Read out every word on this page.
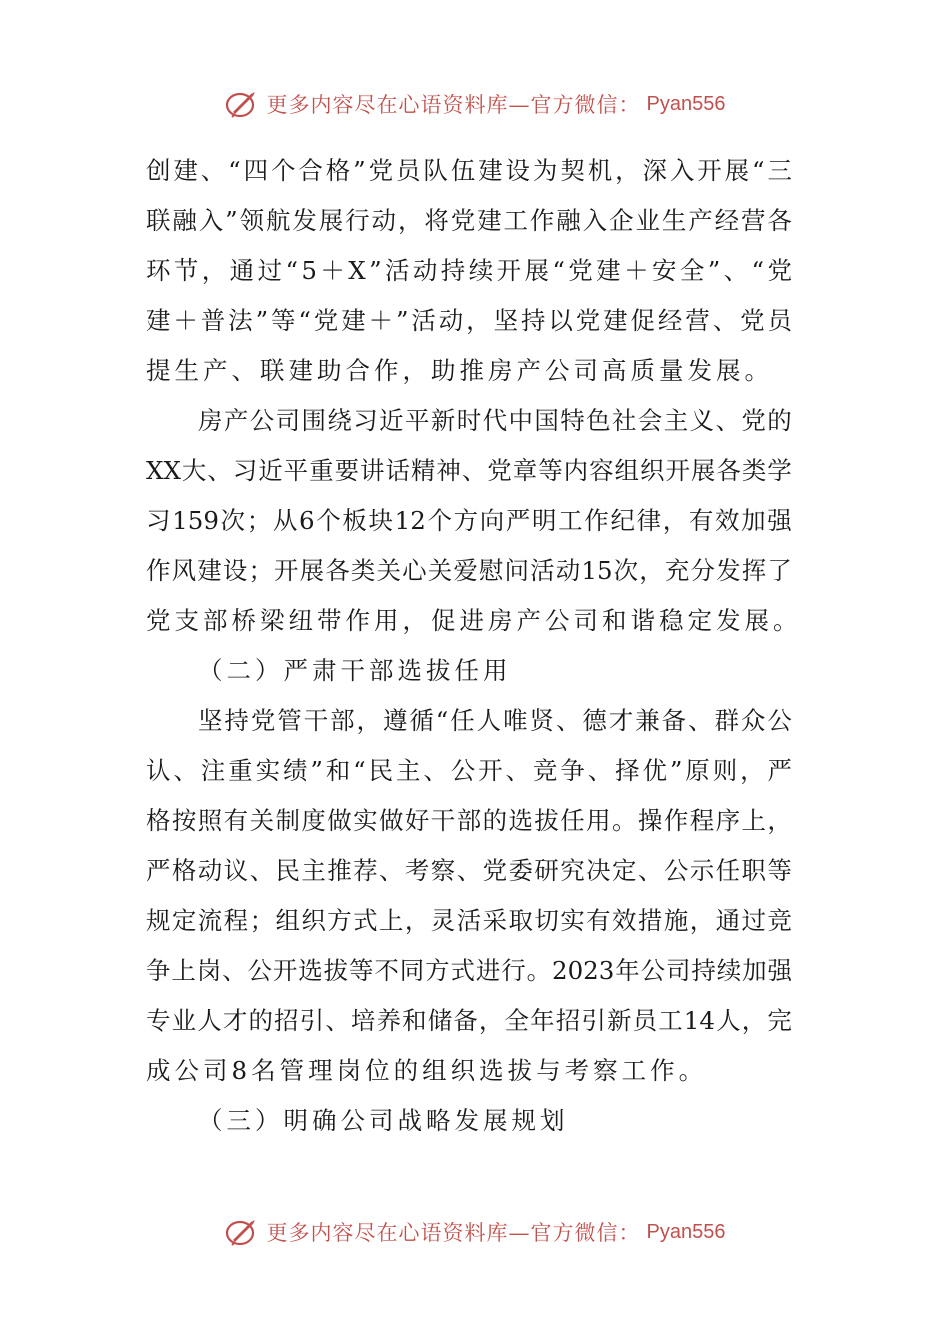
更多内容尽在心语资料库—官方微信： Pyan556
创 建 、 “ 四 个 合 格 ” 党 员 队 伍 建 设 为 契 机 ， 深 入 开 展 “ 三
联 融 入 ” 领 航 发 展 行 动 ， 将 党 建 工 作 融 入 企 业 生 产 经 营 各
环 节 ， 通 过 “ 5 ＋ X ” 活 动 持 续 开 展 “ 党 建 ＋ 安 全 ” 、 “ 党
建 ＋ 普 法 ” 等 “ 党 建 ＋ ” 活 动 ， 坚 持 以 党 建 促 经 营 、 党 员
提生产、联建助合作，助推房产公司高质量发展。
房 产 公 司 围 绕 习 近 平 新 时 代 中 国 特 色 社 会 主 义 、 党 的
XX 大 、 习 近 平 重 要 讲 话 精 神 、 党 章 等 内 容 组 织 开 展 各 类 学
习 159 次 ； 从 6 个 板 块 12 个 方 向 严 明 工 作 纪 律 ， 有 效 加 强
作 风 建 设 ； 开 展 各 类 关 心 关 爱 慰 问 活 动 15 次 ， 充 分 发 挥 了
党支部桥梁纽带作用，促进房产公司和谐稳定发展。
（二）严肃干部选拔任用
坚 持 党 管 干 部 ， 遵 循 “ 任 人 唯 贤 、 德 才 兼 备 、 群 众 公
认 、 注 重 实 绩 ” 和 “ 民 主 、 公 开 、 竞 争 、 择 优 ” 原 则 ， 严
格 按 照 有 关 制 度 做 实 做 好 干 部 的 选 拔 任 用 。 操 作 程 序 上 ，
严 格 动 议 、 民 主 推 荐 、 考 察 、 党 委 研 究 决 定 、 公 示 任 职 等
规 定 流 程 ； 组 织 方 式 上 ， 灵 活 采 取 切 实 有 效 措 施 ， 通 过 竞
争 上 岗 、 公 开 选 拔 等 不 同 方 式 进 行 。 2023 年 公 司 持 续 加 强
专 业 人 才 的 招 引 、 培 养 和 储 备 ， 全 年 招 引 新 员 工 14 人 ， 完
成公司8名管理岗位的组织选拔与考察工作。
（三）明确公司战略发展规划
更多内容尽在心语资料库—官方微信： Pyan556
